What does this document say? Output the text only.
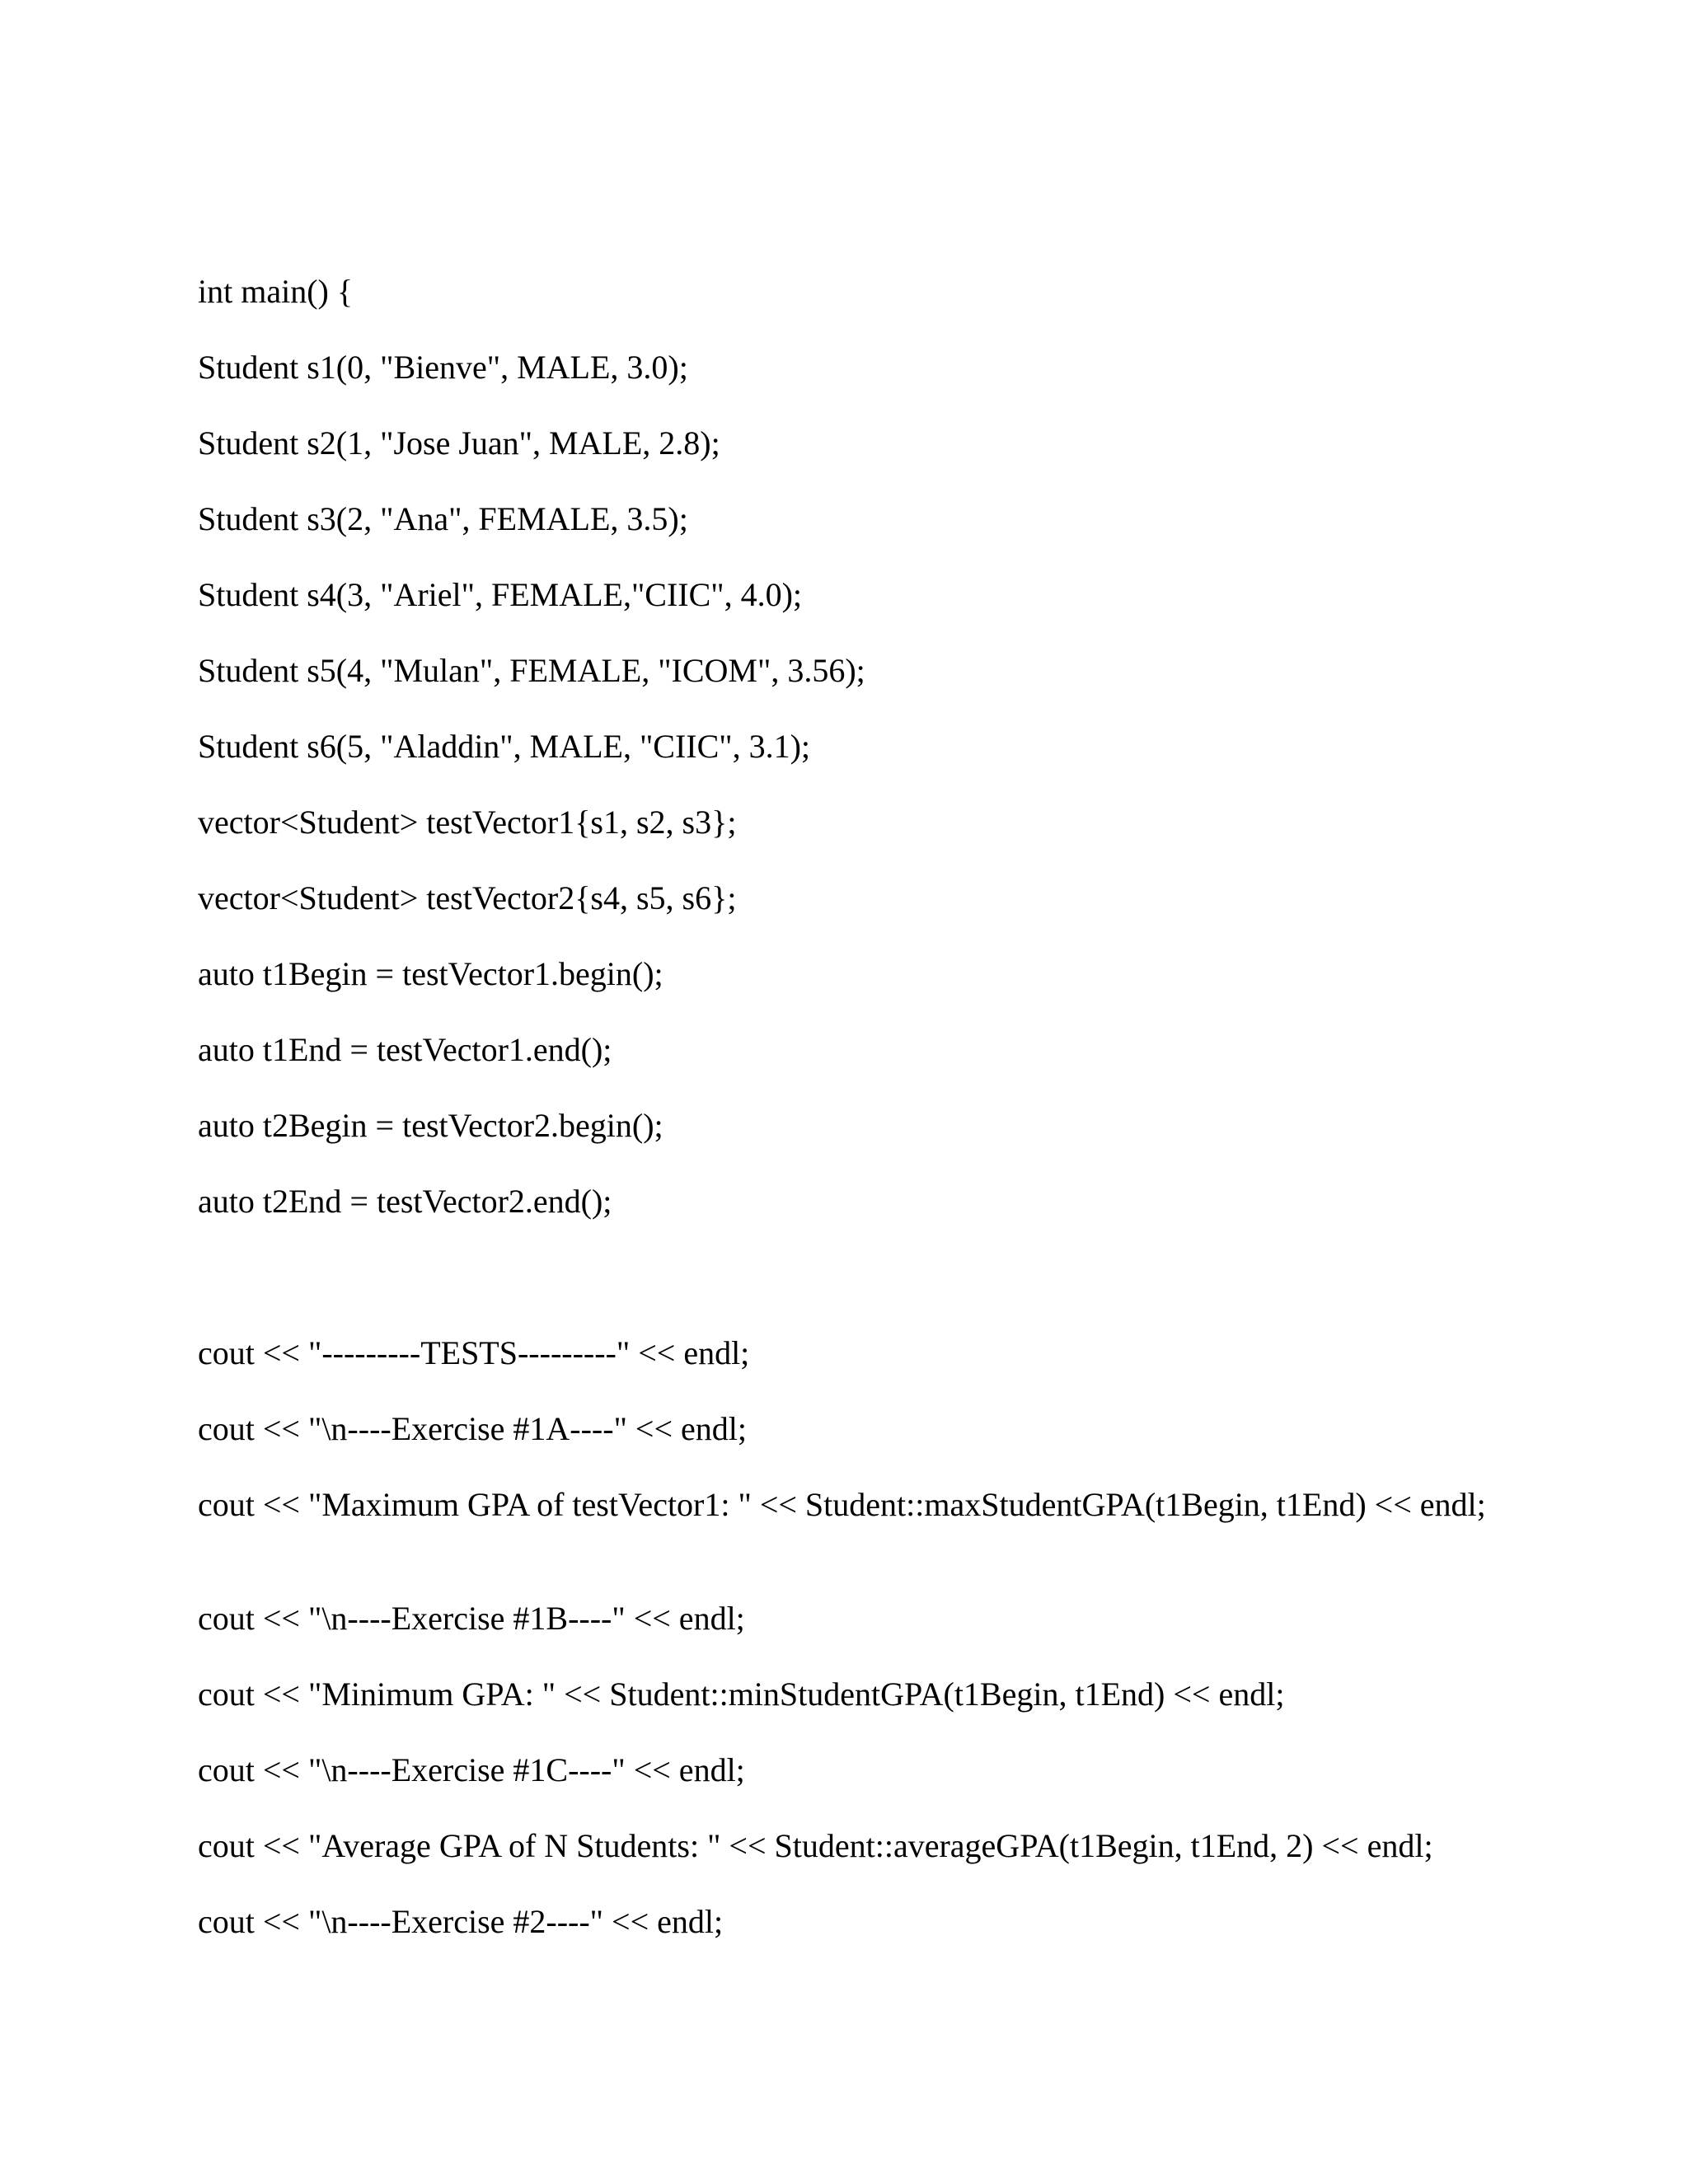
int main() {

Student s1(0, "Bienve", MALE, 3.0);

Student s2(1, "Jose Juan", MALE, 2.8);

Student s3(2, "Ana", FEMALE, 3.5);

Student s4(3, "Ariel", FEMALE,"CIIC", 4.0);

Student s5(4, "Mulan", FEMALE, "ICOM", 3.56);

Student s6(5, "Aladdin", MALE, "CIIC", 3.1);

vector<Student> testVector1{s1, s2, s3};

vector<Student> testVector2{s4, s5, s6};

auto t1Begin = testVector1.begin();

auto t1End = testVector1.end();

auto t2Begin = testVector2.begin();

auto t2End = testVector2.end();

cout << "---------TESTS---------" << endl;

cout << "\n----Exercise #1A----" << endl;

cout << "Maximum GPA of testVector1: " << Student::maxStudentGPA(t1Begin, t1End) << endl;

cout << "\n----Exercise #1B----" << endl;

cout << "Minimum GPA: " << Student::minStudentGPA(t1Begin, t1End) << endl;

cout << "\n----Exercise #1C----" << endl;

cout << "Average GPA of N Students: " << Student::averageGPA(t1Begin, t1End, 2) << endl;

cout << "\n----Exercise #2----" << endl;
